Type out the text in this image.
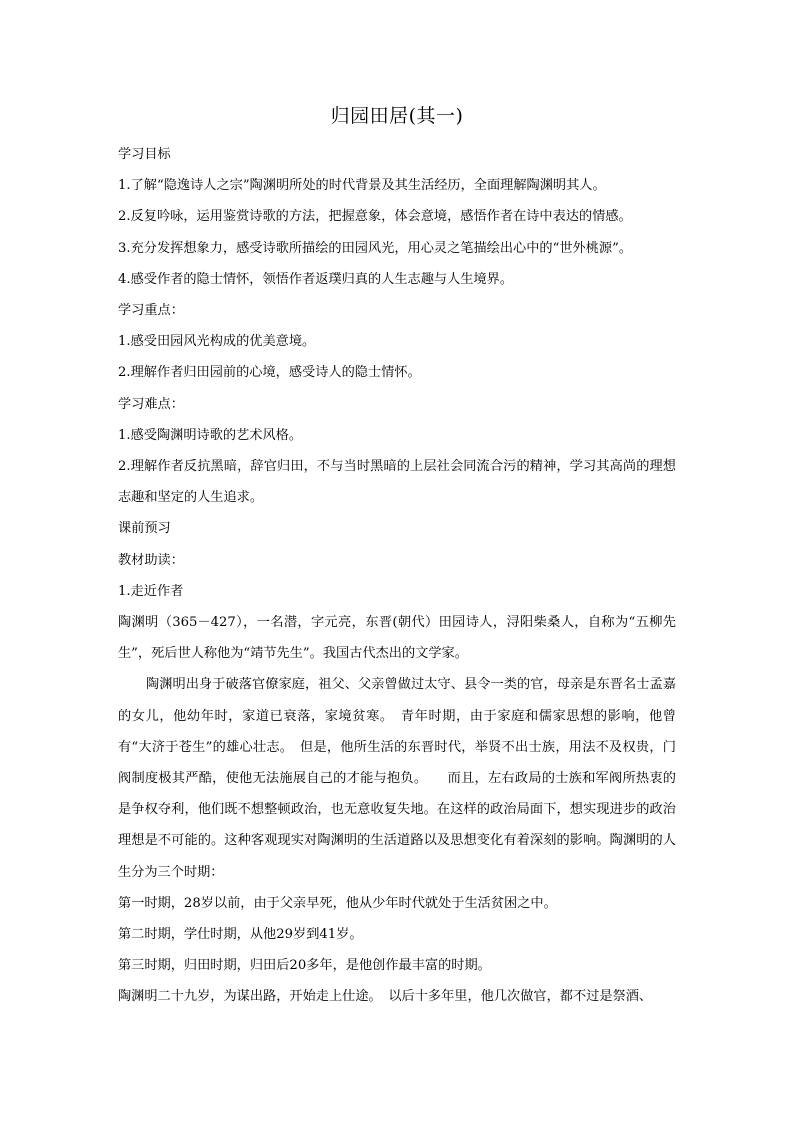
归园田居(其一)

学习目标

1.了解“隐逸诗人之宗”陶渊明所处的时代背景及其生活经历，全面理解陶渊明其人。

2.反复吟咏，运用鉴赏诗歌的方法，把握意象，体会意境，感悟作者在诗中表达的情感。

3.充分发挥想象力，感受诗歌所描绘的田园风光，用心灵之笔描绘出心中的“世外桃源”。

4.感受作者的隐士情怀，领悟作者返璞归真的人生志趣与人生境界。

学习重点：

1.感受田园风光构成的优美意境。

2.理解作者归田园前的心境，感受诗人的隐士情怀。

学习难点：

1.感受陶渊明诗歌的艺术风格。

2.理解作者反抗黑暗，辞官归田，不与当时黑暗的上层社会同流合污的精神，学习其高尚的理想志趣和坚定的人生追求。

课前预习

教材助读：

1.走近作者

陶渊明（365－427），一名潜，字元亮，东晋(朝代）田园诗人，浔阳柴桑人，自称为“五柳先生”，死后世人称他为“靖节先生”。我国古代杰出的文学家。

陶渊明出身于破落官僚家庭，祖父、父亲曾做过太守、县令一类的官，母亲是东晋名士孟嘉的女儿，他幼年时，家道已衰落，家境贫寒。　青年时期，由于家庭和儒家思想的影响，他曾有“大济于苍生”的雄心壮志。　但是，他所生活的东晋时代，举贤不出士族，用法不及权贵，门阀制度极其严酷，使他无法施展自己的才能与抱负。　　而且，左右政局的士族和军阀所热衷的是争权夺利，他们既不想整顿政治，也无意收复失地。在这样的政治局面下，想实现进步的政治理想是不可能的。这种客观现实对陶渊明的生活道路以及思想变化有着深刻的影响。陶渊明的人生分为三个时期：

第一时期，28岁以前，由于父亲早死，他从少年时代就处于生活贫困之中。

第二时期，学仕时期，从他29岁到41岁。

第三时期，归田时期，归田后20多年，是他创作最丰富的时期。

陶渊明二十九岁，为谋出路，开始走上仕途。　以后十多年里，他几次做官，都不过是祭酒、
